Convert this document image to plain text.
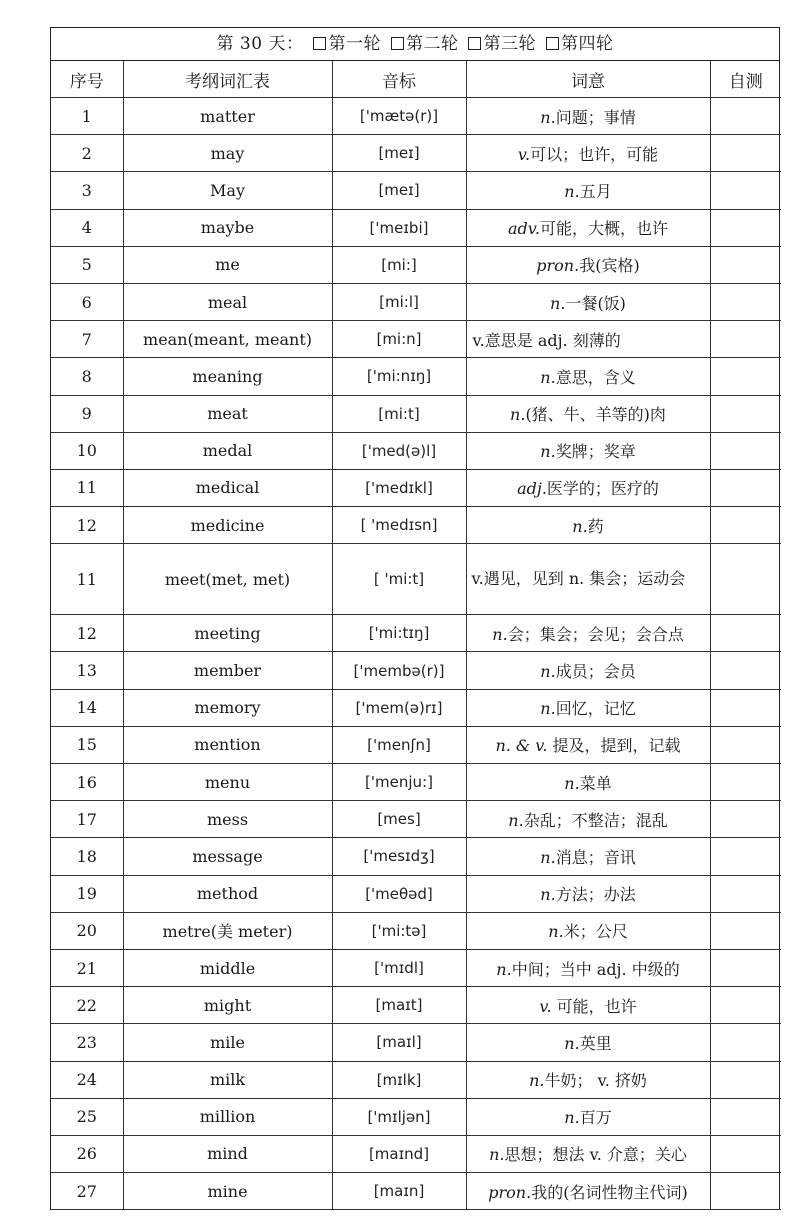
第 30 天： 第一轮 第二轮 第三轮 第四轮
序号	考纲词汇表	音标	词意	自测
1	matter	['mætə(r)]	n.问题；事情	
2	may	[meɪ]	v.可以；也许，可能	
3	May	[meɪ]	n.五月	
4	maybe	['meɪbi]	adv.可能，大概，也许	
5	me	[mi:]	pron.我(宾格)	
6	meal	[mi:l]	n.一餐(饭)	
7	mean(meant, meant)	[mi:n]	v.意思是 adj. 刻薄的	
8	meaning	['mi:nɪŋ]	n.意思，含义	
9	meat	[mi:t]	n.(猪、牛、羊等的)肉	
10	medal	['med(ə)l]	n.奖牌；奖章	
11	medical	['medɪkl]	adj.医学的；医疗的	
12	medicine	[ 'medɪsn]	n.药	
11	meet(met, met)	[ 'mi:t]	v.遇见，见到 n. 集会；运动会	
12	meeting	['mi:tɪŋ]	n.会；集会；会见；会合点	
13	member	['membə(r)]	n.成员；会员	
14	memory	['mem(ə)rɪ]	n.回忆，记忆	
15	mention	['menʃn]	n. & v. 提及，提到，记载	
16	menu	['menju:]	n.菜单	
17	mess	[mes]	n.杂乱；不整洁；混乱	
18	message	['mesɪdʒ]	n.消息；音讯	
19	method	['meθəd]	n.方法；办法	
20	metre(美 meter)	['mi:tə]	n.米；公尺	
21	middle	['mɪdl]	n.中间；当中 adj. 中级的	
22	might	[maɪt]	v. 可能，也许	
23	mile	[maɪl]	n.英里	
24	milk	[mɪlk]	n.牛奶； v. 挤奶	
25	million	['mɪljən]	n.百万	
26	mind	[maɪnd]	n.思想；想法 v. 介意；关心	
27	mine	[maɪn]	pron.我的(名词性物主代词)	
